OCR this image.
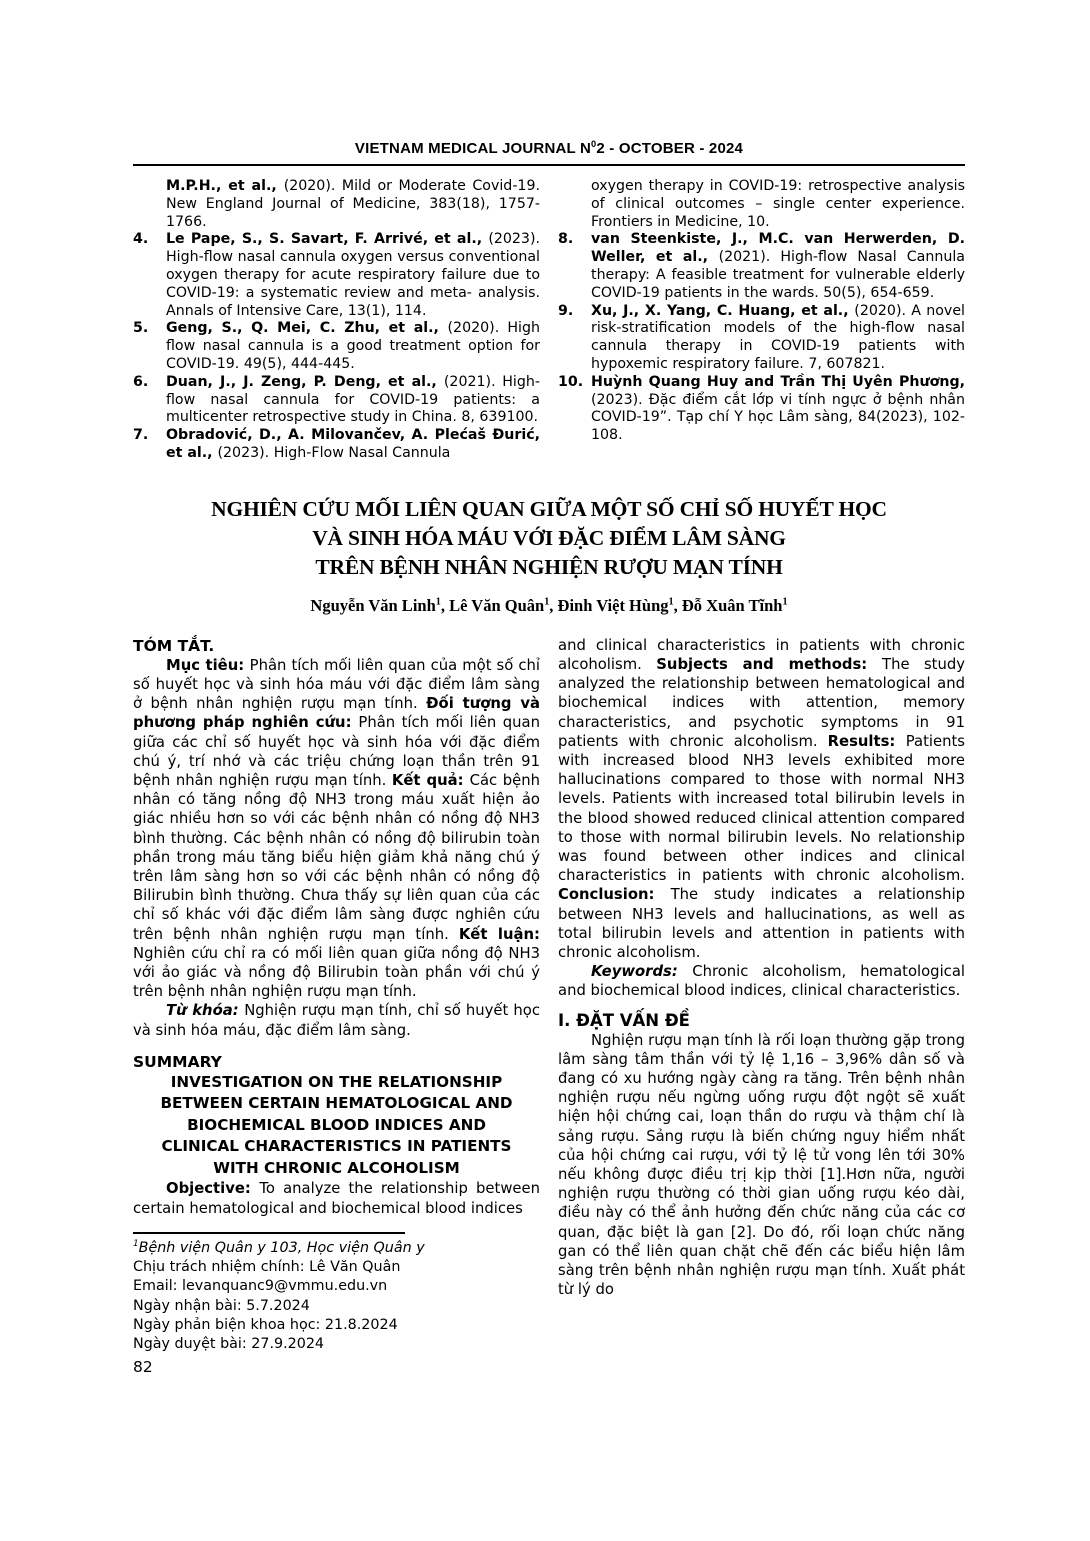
VIETNAM MEDICAL JOURNAL $N^02$ - OCTOBER - 2024
M.P.H., et al., (2020). Mild or Moderate Covid-19. New England Journal of Medicine, 383(18), 1757-1766.
4. Le Pape, S., S. Savart, F. Arrivé, et al., (2023). High-flow nasal cannula oxygen versus conventional oxygen therapy for acute respiratory failure due to COVID-19: a systematic review and meta- analysis. Annals of Intensive Care, 13(1), 114.
5. Geng, S., Q. Mei, C. Zhu, et al., (2020). High flow nasal cannula is a good treatment option for COVID-19. 49(5), 444-445.
6. Duan, J., J. Zeng, P. Deng, et al., (2021). High-flow nasal cannula for COVID-19 patients: a multicenter retrospective study in China. 8, 639100.
7. Obradović, D., A. Milovančev, A. Plećaš Đurić, et al., (2023). High-Flow Nasal Cannula
oxygen therapy in COVID-19: retrospective analysis of clinical outcomes – single center experience. Frontiers in Medicine, 10.
8. van Steenkiste, J., M.C. van Herwerden, D. Weller, et al., (2021). High-flow Nasal Cannula therapy: A feasible treatment for vulnerable elderly COVID-19 patients in the wards. 50(5), 654-659.
9. Xu, J., X. Yang, C. Huang, et al., (2020). A novel risk-stratification models of the high-flow nasal cannula therapy in COVID-19 patients with hypoxemic respiratory failure. 7, 607821.
10. Huỳnh Quang Huy and Trần Thị Uyên Phương, (2023). Đặc điểm cắt lớp vi tính ngực ở bệnh nhân COVID-19”. Tạp chí Y học Lâm sàng, 84(2023), 102-108.
NGHIÊN CỨU MỐI LIÊN QUAN GIỮA MỘT SỐ CHỈ SỐ HUYẾT HỌC
VÀ SINH HÓA MÁU VỚI ĐẶC ĐIỂM LÂM SÀNG
TRÊN BỆNH NHÂN NGHIỆN RƯỢU MẠN TÍNH
Nguyễn Văn Linh$^1$, Lê Văn Quân$^1$, Đinh Việt Hùng$^1$, Đỗ Xuân Tĩnh$^1$
TÓM TẮT.

Mục tiêu: Phân tích mối liên quan của một số chỉ số huyết học và sinh hóa máu với đặc điểm lâm sàng ở bệnh nhân nghiện rượu mạn tính. Đối tượng và phương pháp nghiên cứu: Phân tích mối liên quan giữa các chỉ số huyết học và sinh hóa với đặc điểm chú ý, trí nhớ và các triệu chứng loạn thần trên 91 bệnh nhân nghiện rượu mạn tính. Kết quả: Các bệnh nhân có tăng nồng độ NH3 trong máu xuất hiện ảo giác nhiều hơn so với các bệnh nhân có nồng độ NH3 bình thường. Các bệnh nhân có nồng độ bilirubin toàn phần trong máu tăng biểu hiện giảm khả năng chú ý trên lâm sàng hơn so với các bệnh nhân có nồng độ Bilirubin bình thường. Chưa thấy sự liên quan của các chỉ số khác với đặc điểm lâm sàng được nghiên cứu trên bệnh nhân nghiện rượu mạn tính. Kết luận: Nghiên cứu chỉ ra có mối liên quan giữa nồng độ NH3 với ảo giác và nồng độ Bilirubin toàn phần với chú ý trên bệnh nhân nghiện rượu mạn tính.

Từ khóa: Nghiện rượu mạn tính, chỉ số huyết học và sinh hóa máu, đặc điểm lâm sàng.

SUMMARY
INVESTIGATION ON THE RELATIONSHIP
BETWEEN CERTAIN HEMATOLOGICAL AND
BIOCHEMICAL BLOOD INDICES AND
CLINICAL CHARACTERISTICS IN PATIENTS
WITH CHRONIC ALCOHOLISM

Objective: To analyze the relationship between certain hematological and biochemical blood indices

$^1$Bệnh viện Quân y 103, Học viện Quân y
Chịu trách nhiệm chính: Lê Văn Quân
Email: levanquanc9@vmmu.edu.vn
Ngày nhận bài: 5.7.2024
Ngày phản biện khoa học: 21.8.2024
Ngày duyệt bài: 27.9.2024

and clinical characteristics in patients with chronic alcoholism. Subjects and methods: The study analyzed the relationship between hematological and biochemical indices with attention, memory characteristics, and psychotic symptoms in 91 patients with chronic alcoholism. Results: Patients with increased blood NH3 levels exhibited more hallucinations compared to those with normal NH3 levels. Patients with increased total bilirubin levels in the blood showed reduced clinical attention compared to those with normal bilirubin levels. No relationship was found between other indices and clinical characteristics in patients with chronic alcoholism. Conclusion: The study indicates a relationship between NH3 levels and hallucinations, as well as total bilirubin levels and attention in patients with chronic alcoholism.

Keywords: Chronic alcoholism, hematological and biochemical blood indices, clinical characteristics.

I. ĐẶT VẤN ĐỀ

Nghiện rượu mạn tính là rối loạn thường gặp trong lâm sàng tâm thần với tỷ lệ 1,16 – 3,96% dân số và đang có xu hướng ngày càng ra tăng. Trên bệnh nhân nghiện rượu nếu ngừng uống rượu đột ngột sẽ xuất hiện hội chứng cai, loạn thần do rượu và thậm chí là sảng rượu. Sảng rượu là biến chứng nguy hiểm nhất của hội chứng cai rượu, với tỷ lệ tử vong lên tới 30% nếu không được điều trị kịp thời [1].Hơn nữa, người nghiện rượu thường có thời gian uống rượu kéo dài, điều này có thể ảnh hưởng đến chức năng của các cơ quan, đặc biệt là gan [2]. Do đó, rối loạn chức năng gan có thể liên quan chặt chẽ đến các biểu hiện lâm sàng trên bệnh nhân nghiện rượu mạn tính. Xuất phát từ lý do

82
